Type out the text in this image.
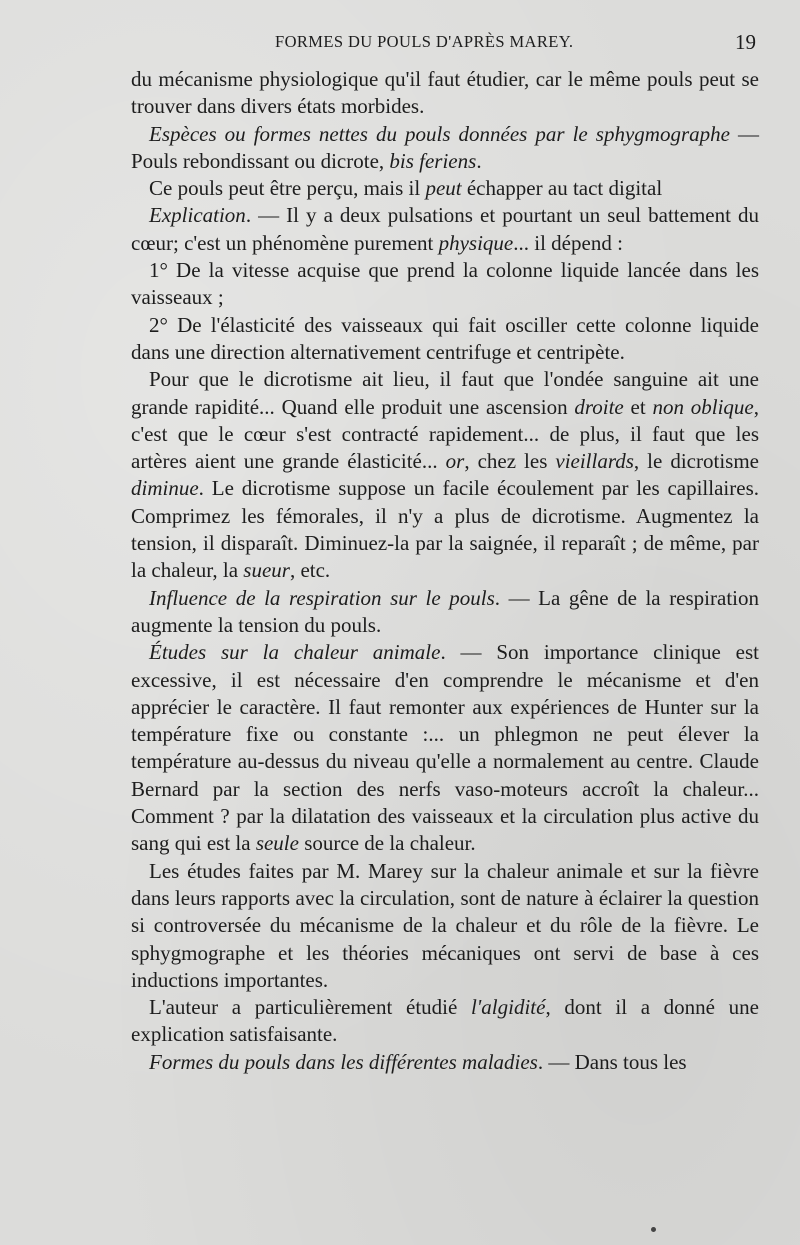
FORMES DU POULS D'APRÈS MAREY.	19

du mécanisme physiologique qu'il faut étudier, car le même pouls peut se trouver dans divers états morbides.

Espèces ou formes nettes du pouls données par le sphygmographe — Pouls rebondissant ou dicrote, bis feriens.

Ce pouls peut être perçu, mais il peut échapper au tact digital

Explication. — Il y a deux pulsations et pourtant un seul battement du cœur; c'est un phénomène purement physique... il dépend :

1° De la vitesse acquise que prend la colonne liquide lancée dans les vaisseaux ;

2° De l'élasticité des vaisseaux qui fait osciller cette colonne liquide dans une direction alternativement centrifuge et centripète.

Pour que le dicrotisme ait lieu, il faut que l'ondée sanguine ait une grande rapidité... Quand elle produit une ascension droite et non oblique, c'est que le cœur s'est contracté rapidement... de plus, il faut que les artères aient une grande élasticité... or, chez les vieillards, le dicrotisme diminue. Le dicrotisme suppose un facile écoulement par les capillaires. Comprimez les fémorales, il n'y a plus de dicrotisme. Augmentez la tension, il disparaît. Diminuez-la par la saignée, il reparaît ; de même, par la chaleur, la sueur, etc.

Influence de la respiration sur le pouls. — La gêne de la respiration augmente la tension du pouls.

Études sur la chaleur animale. — Son importance clinique est excessive, il est nécessaire d'en comprendre le mécanisme et d'en apprécier le caractère. Il faut remonter aux expériences de Hunter sur la température fixe ou constante :... un phlegmon ne peut élever la température au-dessus du niveau qu'elle a normalement au centre. Claude Bernard par la section des nerfs vaso-moteurs accroît la chaleur... Comment ? par la dilatation des vaisseaux et la circulation plus active du sang qui est la seule source de la chaleur.

Les études faites par M. Marey sur la chaleur animale et sur la fièvre dans leurs rapports avec la circulation, sont de nature à éclairer la question si controversée du mécanisme de la chaleur et du rôle de la fièvre. Le sphygmographe et les théories mécaniques ont servi de base à ces inductions importantes.

L'auteur a particulièrement étudié l'algidité, dont il a donné une explication satisfaisante.

Formes du pouls dans les différentes maladies. — Dans tous les
